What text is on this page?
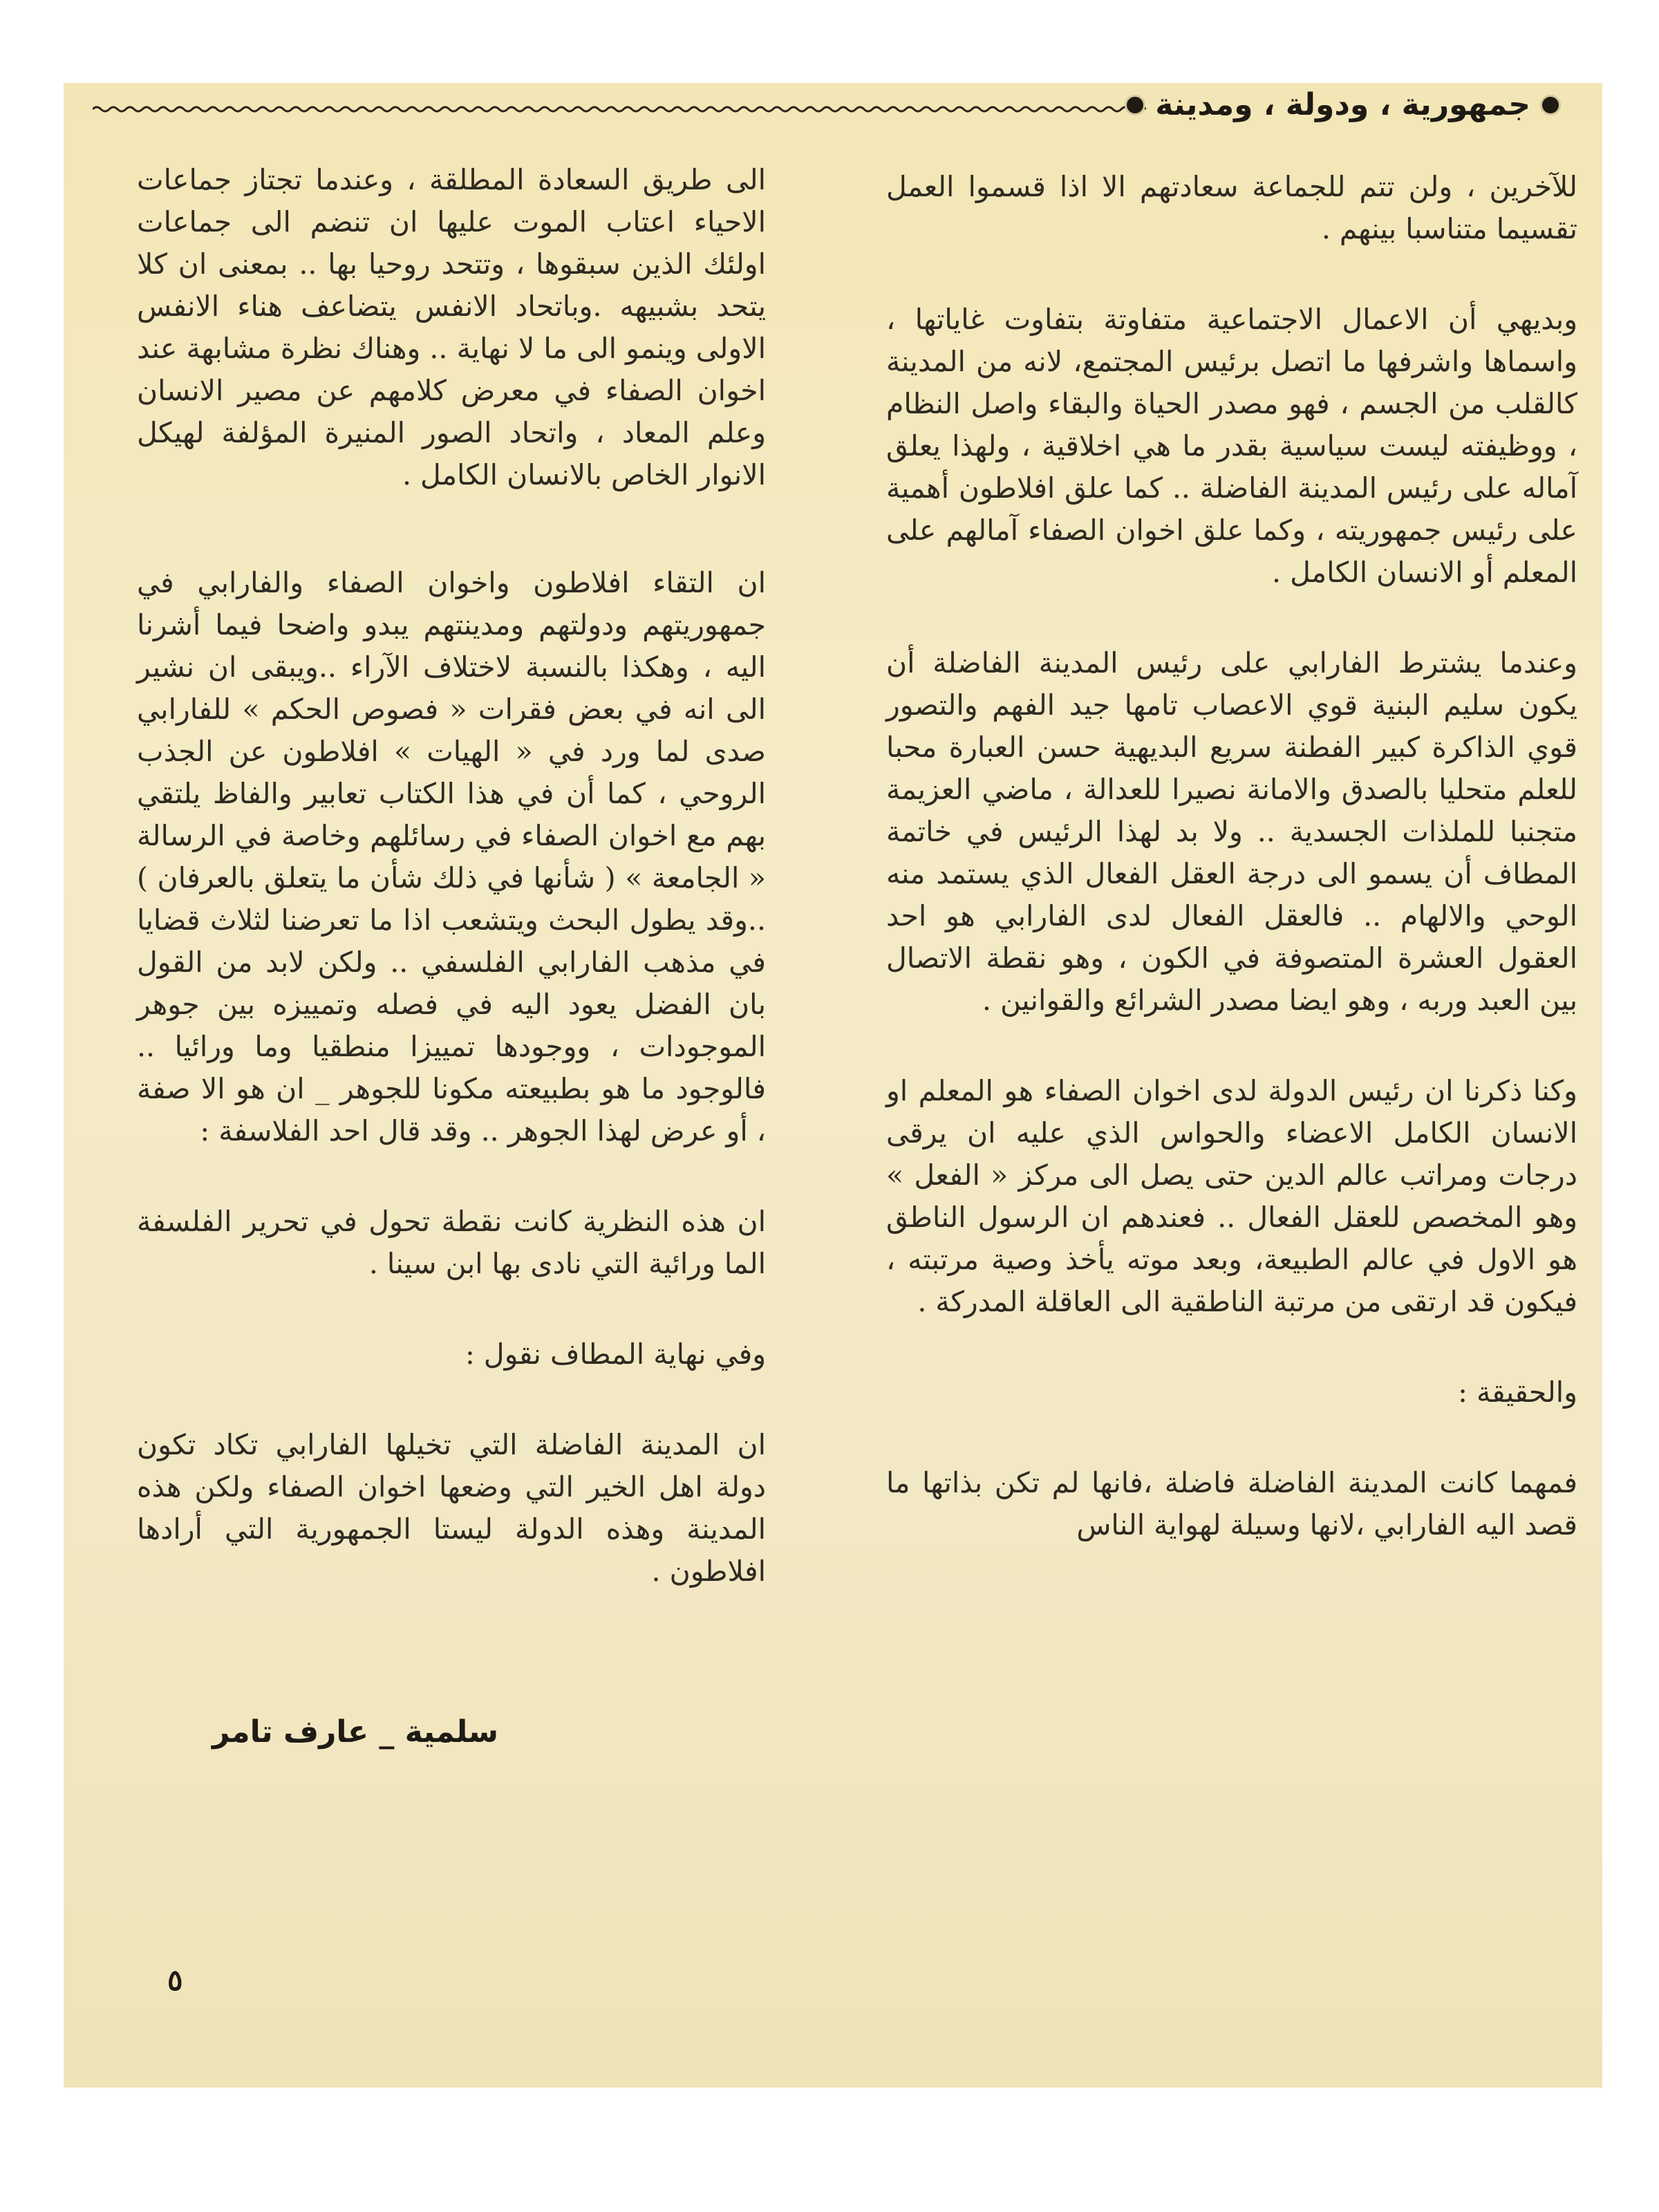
جمهورية ، ودولة ، ومدينة

للآخرين ، ولن تتم للجماعة سعادتهم الا اذا قسموا العمل تقسيما متناسبا بينهم .

وبديهي أن الاعمال الاجتماعية متفاوتة بتفاوت غاياتها ، واسماها واشرفها ما اتصل برئيس المجتمع، لانه من المدينة كالقلب من الجسم ، فهو مصدر الحياة والبقاء واصل النظام ، ووظيفته ليست سياسية بقدر ما هي اخلاقية ، ولهذا يعلق آماله على رئيس المدينة الفاضلة .. كما علق افلاطون أهمية على رئيس جمهوريته ، وكما علق اخوان الصفاء آمالهم على المعلم أو الانسان الكامل .

وعندما يشترط الفارابي على رئيس المدينة الفاضلة أن يكون سليم البنية قوي الاعصاب تامها جيد الفهم والتصور قوي الذاكرة كبير الفطنة سريع البديهية حسن العبارة محبا للعلم متحليا بالصدق والامانة نصيرا للعدالة ، ماضي العزيمة متجنبا للملذات الجسدية .. ولا بد لهذا الرئيس في خاتمة المطاف أن يسمو الى درجة العقل الفعال الذي يستمد منه الوحي والالهام .. فالعقل الفعال لدى الفارابي هو احد العقول العشرة المتصوفة في الكون ، وهو نقطة الاتصال بين العبد وربه ، وهو ايضا مصدر الشرائع والقوانين .

وكنا ذكرنا ان رئيس الدولة لدى اخوان الصفاء هو المعلم او الانسان الكامل الاعضاء والحواس الذي عليه ان يرقى درجات ومراتب عالم الدين حتى يصل الى مركز « الفعل » وهو المخصص للعقل الفعال .. فعندهم ان الرسول الناطق هو الاول في عالم الطبيعة، وبعد موته يأخذ وصية مرتبته ، فيكون قد ارتقى من مرتبة الناطقية الى العاقلة المدركة .

والحقيقة :

فمهما كانت المدينة الفاضلة فاضلة ،فانها لم تكن بذاتها ما قصد اليه الفارابي ،لانها وسيلة لهواية الناس

الى طريق السعادة المطلقة ، وعندما تجتاز جماعات الاحياء اعتاب الموت عليها ان تنضم الى جماعات اولئك الذين سبقوها ، وتتحد روحيا بها .. بمعنى ان كلا يتحد بشبيهه .وباتحاد الانفس يتضاعف هناء الانفس الاولى وينمو الى ما لا نهاية .. وهناك نظرة مشابهة عند اخوان الصفاء في معرض كلامهم عن مصير الانسان وعلم المعاد ، واتحاد الصور المنيرة المؤلفة لهيكل الانوار الخاص بالانسان الكامل .

ان التقاء افلاطون واخوان الصفاء والفارابي في جمهوريتهم ودولتهم ومدينتهم يبدو واضحا فيما أشرنا اليه ، وهكذا بالنسبة لاختلاف الآراء ..ويبقى ان نشير الى انه في بعض فقرات « فصوص الحكم » للفارابي صدى لما ورد في « الهيات » افلاطون عن الجذب الروحي ، كما أن في هذا الكتاب تعابير والفاظ يلتقي بهم مع اخوان الصفاء في رسائلهم وخاصة في الرسالة « الجامعة » ( شأنها في ذلك شأن ما يتعلق بالعرفان ) ..وقد يطول البحث ويتشعب اذا ما تعرضنا لثلاث قضايا في مذهب الفارابي الفلسفي .. ولكن لابد من القول بان الفضل يعود اليه في فصله وتمييزه بين جوهر الموجودات ، ووجودها تمييزا منطقيا وما ورائيا .. فالوجود ما هو بطبيعته مكونا للجوهر _ ان هو الا صفة ، أو عرض لهذا الجوهر .. وقد قال احد الفلاسفة :

ان هذه النظرية كانت نقطة تحول في تحرير الفلسفة الما ورائية التي نادى بها ابن سينا .

وفي نهاية المطاف نقول :

ان المدينة الفاضلة التي تخيلها الفارابي تكاد تكون دولة اهل الخير التي وضعها اخوان الصفاء ولكن هذه المدينة وهذه الدولة ليستا الجمهورية التي أرادها افلاطون .

سلمية _ عارف تامر
٥
